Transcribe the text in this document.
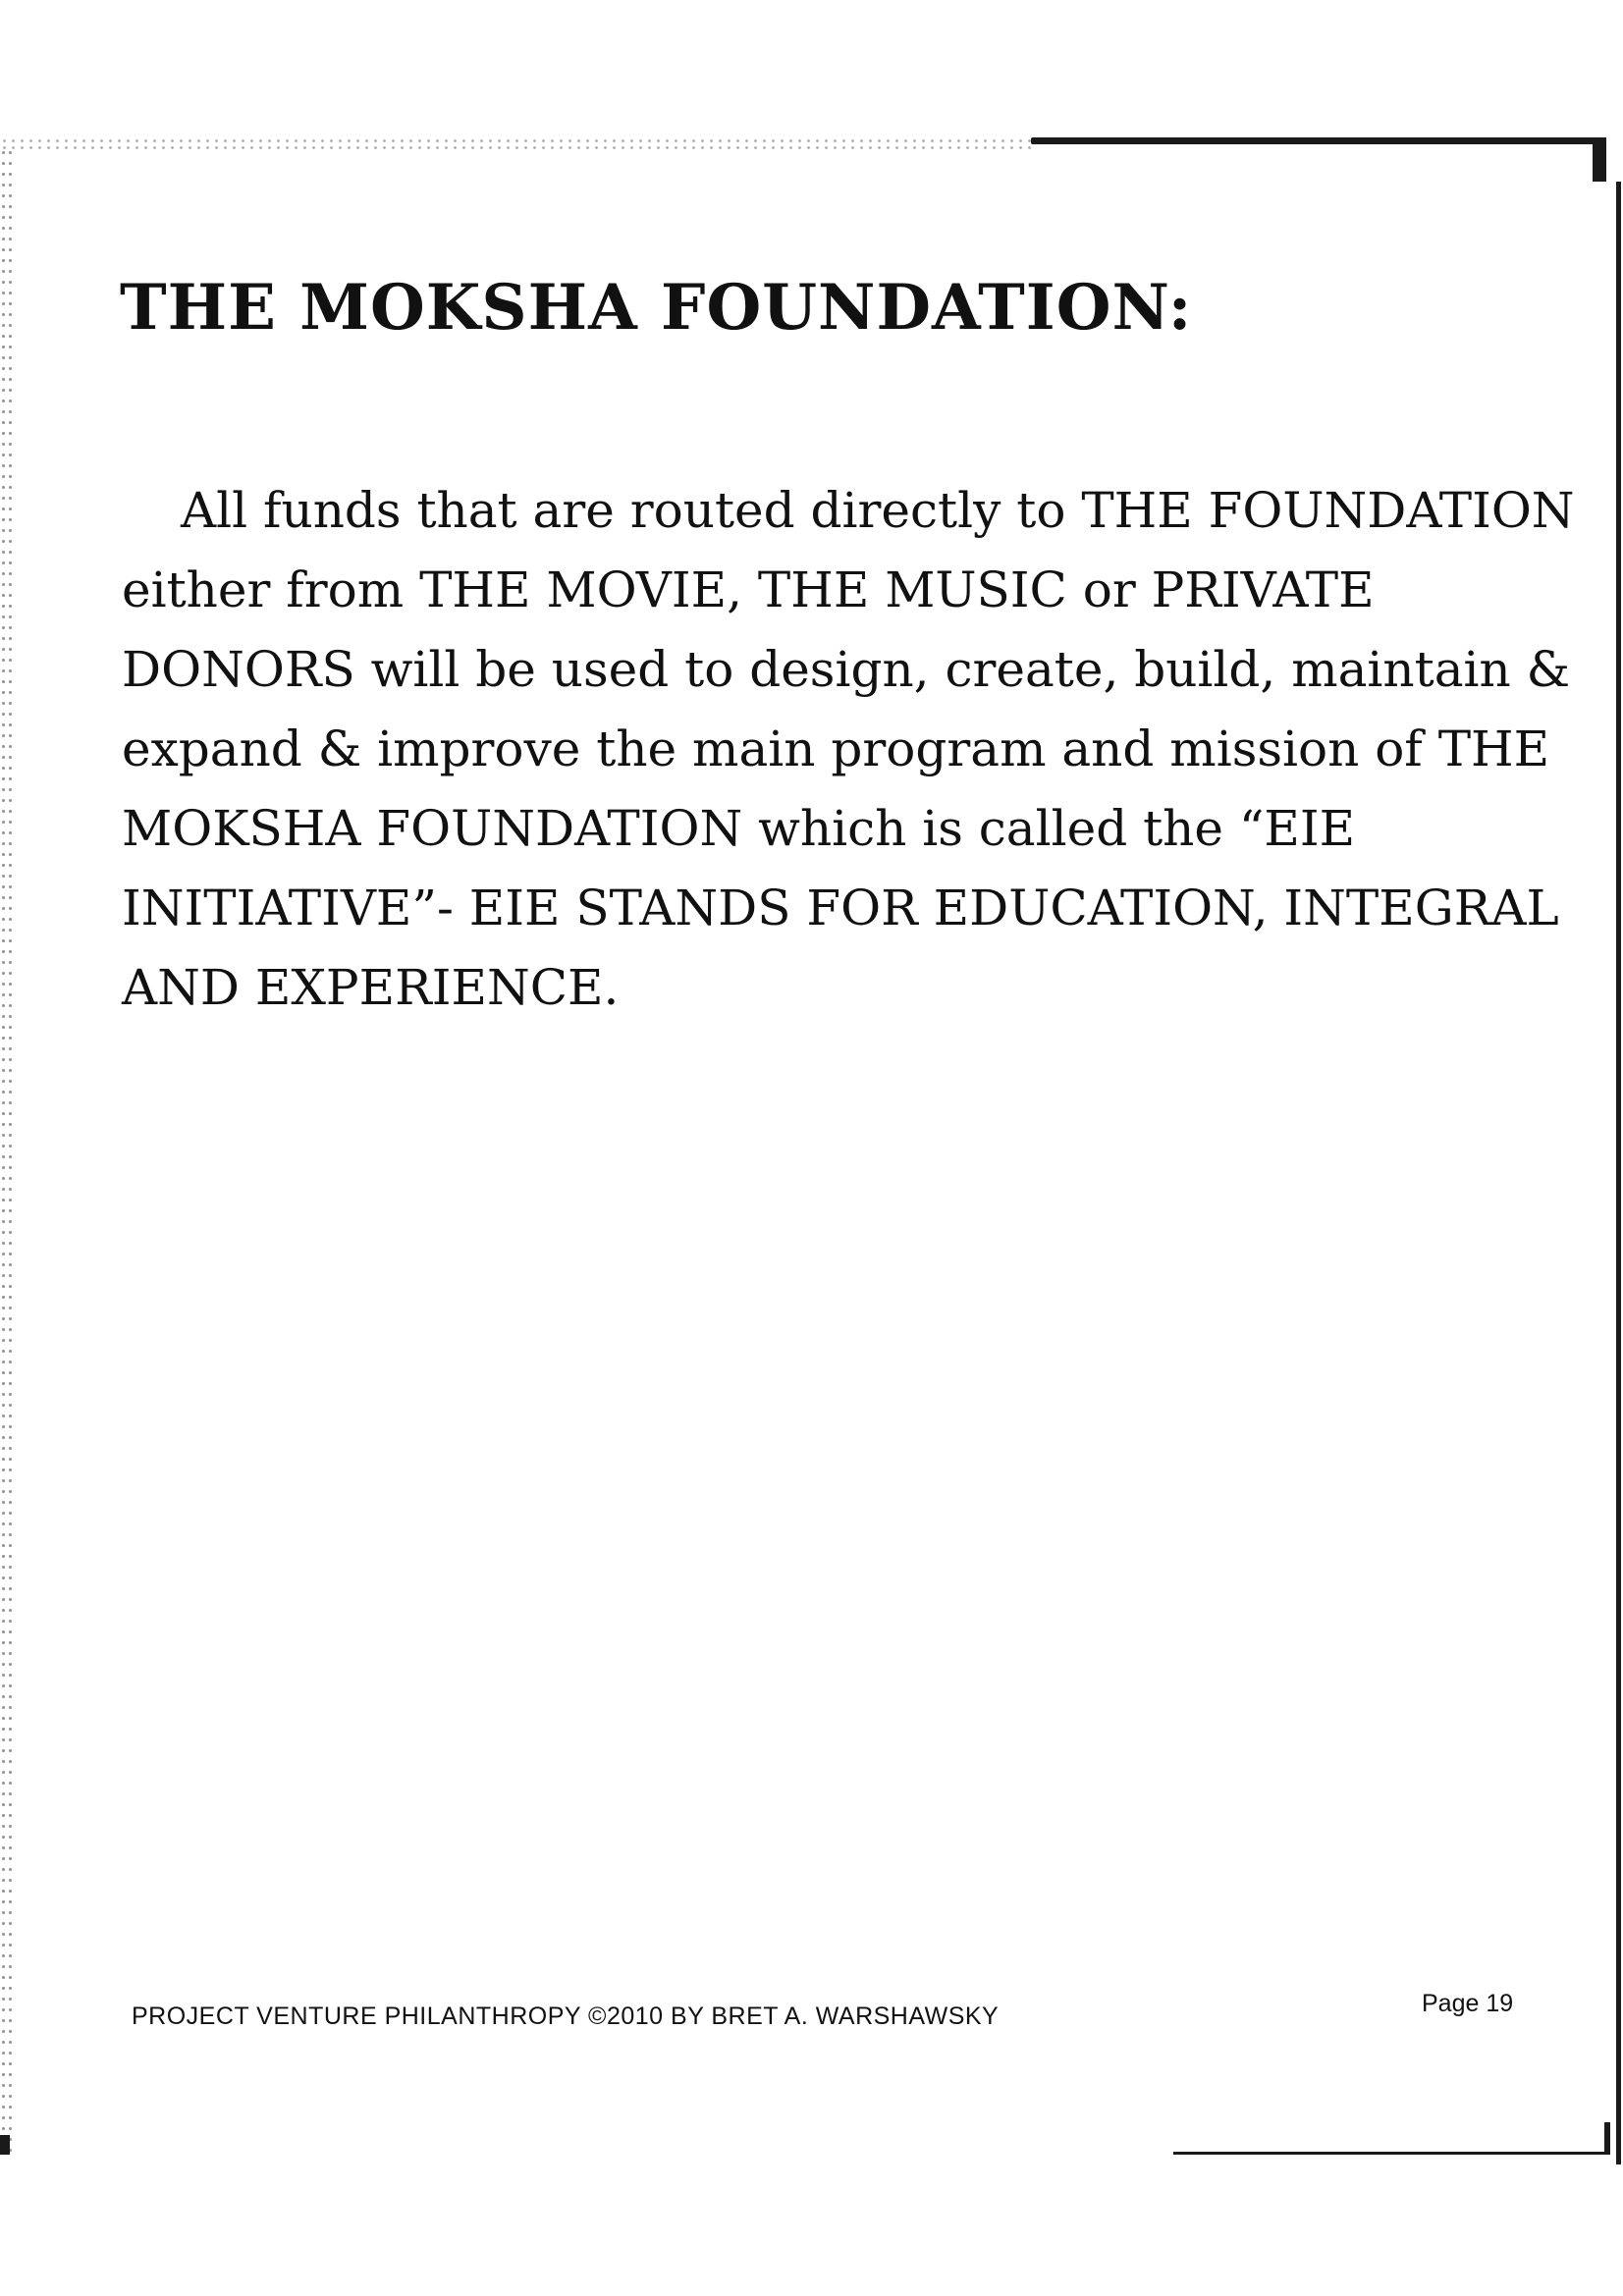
THE MOKSHA FOUNDATION:

All funds that are routed directly to THE FOUNDATION
either from THE MOVIE, THE MUSIC or PRIVATE
DONORS will be used to design, create, build, maintain &
expand & improve the main program and mission of THE
MOKSHA FOUNDATION which is called the “EIE
INITIATIVE”- EIE STANDS FOR EDUCATION, INTEGRAL
AND EXPERIENCE.

PROJECT VENTURE PHILANTHROPY ©2010 BY BRET A. WARSHAWSKY	Page 19
